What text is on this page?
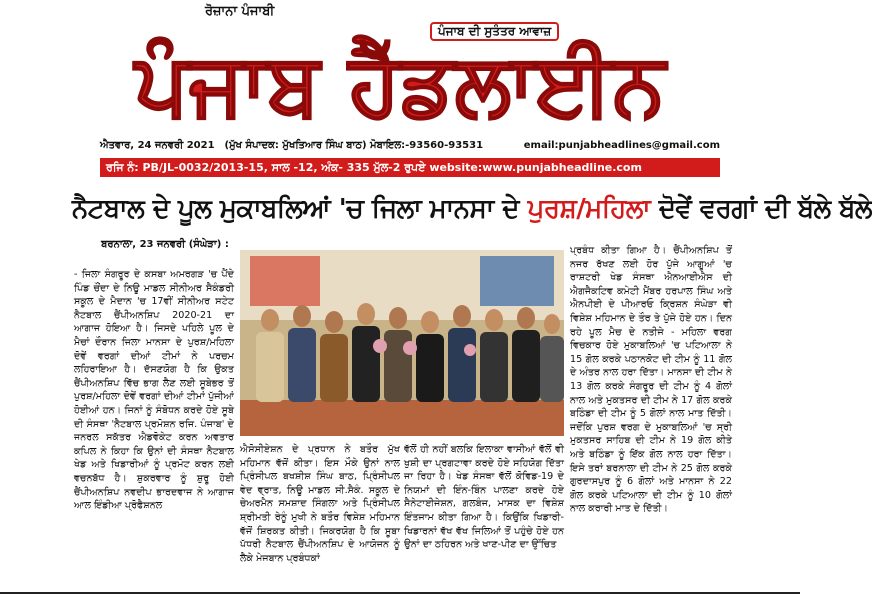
ਰੋਜ਼ਾਨਾ ਪੰਜਾਬੀ
ਪੰਜਾਬ ਦੀ ਸੁਤੰਤਰ ਆਵਾਜ਼
ਪੰਜਾਬ ਹੈੱਡਲਾਈਨ
ਐਤਵਾਰ, 24 ਜਨਵਰੀ 2021 (ਮੁੱਖ ਸੰਪਾਦਕ: ਮੁੱਖਤਿਆਰ ਸਿੰਘ ਬਾਠ) ਮੋਬਾਇਲ:-93560-93531	email:punjabheadlines@gmail.com
ਰਜਿ ਨੰ: PB/JL-0032/2013-15, ਸਾਲ -12, ਅੰਕ- 335 ਮੁੱਲ-2 ਰੁਪਏ website:www.punjabheadline.com
ਨੈਟਬਾਲ ਦੇ ਪੂਲ ਮੁਕਾਬਲਿਆਂ 'ਚ ਜਿਲਾ ਮਾਨਸਾ ਦੇ ਪੁਰਸ਼/ਮਹਿਲਾ ਦੋਵੇਂ ਵਰਗਾਂ ਦੀ ਬੱਲੇ ਬੱਲੇ
ਬਰਨਾਲਾ, 23 ਜਨਵਰੀ (ਸੰਘੇੜਾ) :
- ਜਿਲਾ ਸੰਗਰੂਰ ਦੇ ਕਸਬਾ ਅਮਰਗੜ 'ਚ ਪੈਂਦੇ ਪਿੰਡ ਚੌਂਦਾ ਦੇ ਨਿਊ ਮਾਡਲ ਸੀਨੀਅਰ ਸੈਕੰਡਰੀ ਸਕੂਲ ਦੇ ਮੈਦਾਨ 'ਚ 17ਵੀਂ ਸੀਨੀਅਰ ਸਟੇਟ ਨੈਟਬਾਲ ਚੈਂਪੀਅਨਸ਼ਿਪ 2020-21 ਦਾ ਆਗਾਜ ਹੋਇਆ ਹੈ। ਜਿਸਦੇ ਪਹਿਲੇ ਪੂਲ ਦੇ ਮੈਚਾਂ ਦੌਰਾਨ ਜਿਲਾ ਮਾਨਸਾ ਦੇ ਪੁਰਸ਼/ਮਹਿਲਾ ਦੋਵੇਂ ਵਰਗਾਂ ਦੀਆਂ ਟੀਮਾਂ ਨੇ ਪਰਚਮ ਲਹਿਰਾਇਆ ਹੈ। ਦੱਸਣਯੋਗ ਹੈ ਕਿ ਉਕਤ ਚੈਂਪੀਅਨਸ਼ਿਪ ਵਿੱਚ ਭਾਗ ਲੈਣ ਲਈ ਸੂਬੇਭਰ ਤੋਂ ਪੁਰਸ਼/ਮਹਿਲਾ ਦੋਵੇਂ ਵਰਗਾਂ ਦੀਆਂ ਟੀਮਾਂ ਪੁੱਜੀਆਂ ਹੋਈਆਂ ਹਨ। ਜਿਨਾਂ ਨੂੰ ਸੰਬੋਧਨ ਕਰਦੇ ਹੋਏ ਸੂਬੇ ਦੀ ਸੰਸਥਾ 'ਨੈਟਬਾਲ ਪ੍ਰਮੋਸ਼ਨ ਰਜਿ. ਪੰਜਾਬ' ਦੇ ਜਨਰਲ ਸਕੱਤਰ ਐਡਵੋਕੇਟ ਕਰਨ ਅਵਤਾਰ ਕਪਿਲ ਨੇ ਕਿਹਾ ਕਿ ਉਨਾਂ ਦੀ ਸੰਸਥਾ ਨੈਟਬਾਲ ਖੇਡ ਅਤੇ ਖਿਡਾਰੀਆਂ ਨੂੰ ਪ੍ਰਮੋਟ ਕਰਨ ਲਈ ਵਚਨਬੱਧ ਹੈ। ਸ਼ੁਕਰਵਾਰ ਨੂੰ ਸ਼ੁਰੂ ਹੋਈ ਚੈਂਪੀਅਨਸ਼ਿਪ ਨਵਦੀਪ ਭਾਰਦਵਾਜ ਨੇ ਆਗਾਜ ਆਲ ਇੰਡੀਆ ਪ੍ਰੋਫੈਸ਼ਨਲ
ਐਸੋਸੀਏਸ਼ਨ ਦੇ ਪ੍ਰਧਾਨ ਨੇ ਬਤੌਰ ਮੁੱਖ ਮਹਿਮਾਨ ਵੱਜੋਂ ਕੀਤਾ। ਇਸ ਮੌਕੇ ਉਨਾਂ ਨਾਲ ਪ੍ਰਿੰਸੀਪਲ ਬਖਸ਼ੀਸ਼ ਸਿੰਘ ਬਾਠ, ਪ੍ਰਿੰਸੀਪਲ ਵੇਦ ਵ੍ਰਾਤ, ਨਿਊ ਮਾਡਲ ਸੀ.ਸੈਕੰ. ਸਕੂਲ ਦੇ ਚੇਅਰਮੈਨ ਸਮਸ਼ਾਦ ਸਿੰਗਲਾ ਅਤੇ ਪ੍ਰਿੰਸੀਪਲ ਸ਼੍ਰੀਮਤੀ ਰੇਨੂੰ ਮੁਖੀ ਨੇ ਬਤੌਰ ਵਿਸ਼ੇਸ਼ ਮਹਿਮਾਨ ਵੱਜੋਂ ਸ਼ਿਰਕਤ ਕੀਤੀ। ਜਿਕਰਯੋਗ ਹੈ ਕਿ ਸੂਬਾ ਪੱਧਰੀ ਨੈਟਬਾਲ ਚੈਂਪੀਅਨਸ਼ਿਪ ਦੇ ਆਯੋਜਨ ਨੂੰ ਲੈਕੇ ਮੇਜਬਾਨ ਪ੍ਰਬੰਧਕਾਂ
ਵੱਲੋਂ ਹੀ ਨਹੀਂ ਬਲਕਿ ਇਲਾਕਾ ਵਾਸੀਆਂ ਵੱਲੋਂ ਵੀ ਖੁਸ਼ੀ ਦਾ ਪ੍ਰਗਟਾਵਾ ਕਰਦੇ ਹੋਏ ਸਹਿਯੋਗ ਦਿੱਤਾ ਜਾ ਰਿਹਾ ਹੈ। ਖੇਡ ਸੰਸਥਾ ਵੱਲੋਂ ਕੋਵਿਡ-19 ਦੇ ਨਿਯਮਾਂ ਦੀ ਇੰਨ-ਬਿੰਨ ਪਾਲਣਾ ਕਰਦੇ ਹੋਏ ਸੈਨੇਟਾਈਜੇਸ਼ਨ, ਗਲਬੰਜ, ਮਾਸਕ ਦਾ ਵਿਸ਼ੇਸ਼ ਇੰਤਜਾਮ ਕੀਤਾ ਗਿਆ ਹੈ। ਕਿਉਂਕਿ ਖਿਡਾਰੀ-ਖਿਡਾਰਨਾਂ ਵੱਖ ਵੱਖ ਜਿਲਿਆਂ ਤੋਂ ਪਹੁੰਚੇ ਹੋਏ ਹਨ ਉਨਾਂ ਦਾ ਠਹਿਰਨ ਅਤੇ ਖਾਣ-ਪੀਣ ਦਾ ਉੱਚਿਤ
ਪ੍ਰਬੰਧ ਕੀਤਾ ਗਿਆ ਹੈ। ਚੈਂਪੀਅਨਸ਼ਿਪ ਤੋਂ ਨਜਰ ਰੱਖਣ ਲਈ ਹੋਰ ਪੁੱਜੇ ਆਗੂਆਂ 'ਚ ਰਾਸ਼ਟਰੀ ਖੇਡ ਸੰਸਥਾ ਐਨਆਈਐਸ ਦੀ ਐਗਜੈਕਟਿਵ ਕਮੇਟੀ ਮੈਂਬਰ ਹਰਪਾਲ ਸਿੰਘ ਅਤੇ ਐਨਪੀਈ ਦੇ ਪੀਆਰਓ ਕ੍ਰਿਸ਼ਨ ਸੰਘੇੜਾ ਵੀ ਵਿਸ਼ੇਸ਼ ਮਹਿਮਾਨ ਦੇ ਤੌਰ ਤੇ ਪੁੱਜੇ ਹੋਏ ਹਨ। ਦਿਨ ਰਹੇ ਪੂਲ ਮੈਚ ਦੇ ਨਤੀਜੇ - ਮਹਿਲਾ ਵਰਗ ਵਿਚਕਾਰ ਹੋਏ ਮੁਕਾਬਲਿਆਂ 'ਚ ਪਟਿਆਲਾ ਨੇ 15 ਗੋਲ ਕਰਕੇ ਪਠਾਨਕੋਟ ਦੀ ਟੀਮ ਨੂੰ 11 ਗੋਲ ਦੇ ਅੰਤਰ ਨਾਲ ਹਰਾ ਦਿੱਤਾ। ਮਾਨਸਾ ਦੀ ਟੀਮ ਨੇ 13 ਗੋਲ ਕਰਕੇ ਸੰਗਰੂਰ ਦੀ ਟੀਮ ਨੂੰ 4 ਗੋਲਾਂ ਨਾਲ ਅਤੇ ਮੁਕਤਸਰ ਦੀ ਟੀਮ ਨੇ 17 ਗੋਲ ਕਰਕੇ ਬਠਿੰਡਾ ਦੀ ਟੀਮ ਨੂੰ 5 ਗੋਲਾਂ ਨਾਲ ਮਾਤ ਦਿੱਤੀ। ਜਦੋਂਕਿ ਪੁਰਸ਼ ਵਰਗ ਦੇ ਮੁਕਾਬਲਿਆਂ 'ਚ ਸ੍ਰੀ ਮੁਕਤਸਰ ਸਾਹਿਬ ਦੀ ਟੀਮ ਨੇ 19 ਗੋਲ ਕੀਤੇ ਅਤੇ ਬਠਿੰਡਾ ਨੂੰ ਇੱਕ ਗੋਲ ਨਾਲ ਹਰਾ ਦਿੱਤਾ। ਇਸੇ ਤਰਾਂ ਬਰਨਾਲਾ ਦੀ ਟੀਮ ਨੇ 25 ਗੋਲ ਕਰਕੇ ਗੁਰਦਾਸਪੁਰ ਨੂੰ 6 ਗੋਲਾਂ ਅਤੇ ਮਾਨਸਾ ਨੇ 22 ਗੋਲ ਕਰਕੇ ਪਟਿਆਲਾ ਦੀ ਟੀਮ ਨੂੰ 10 ਗੋਲਾਂ ਨਾਲ ਕਰਾਰੀ ਮਾਤ ਦੇ ਦਿੱਤੀ।
